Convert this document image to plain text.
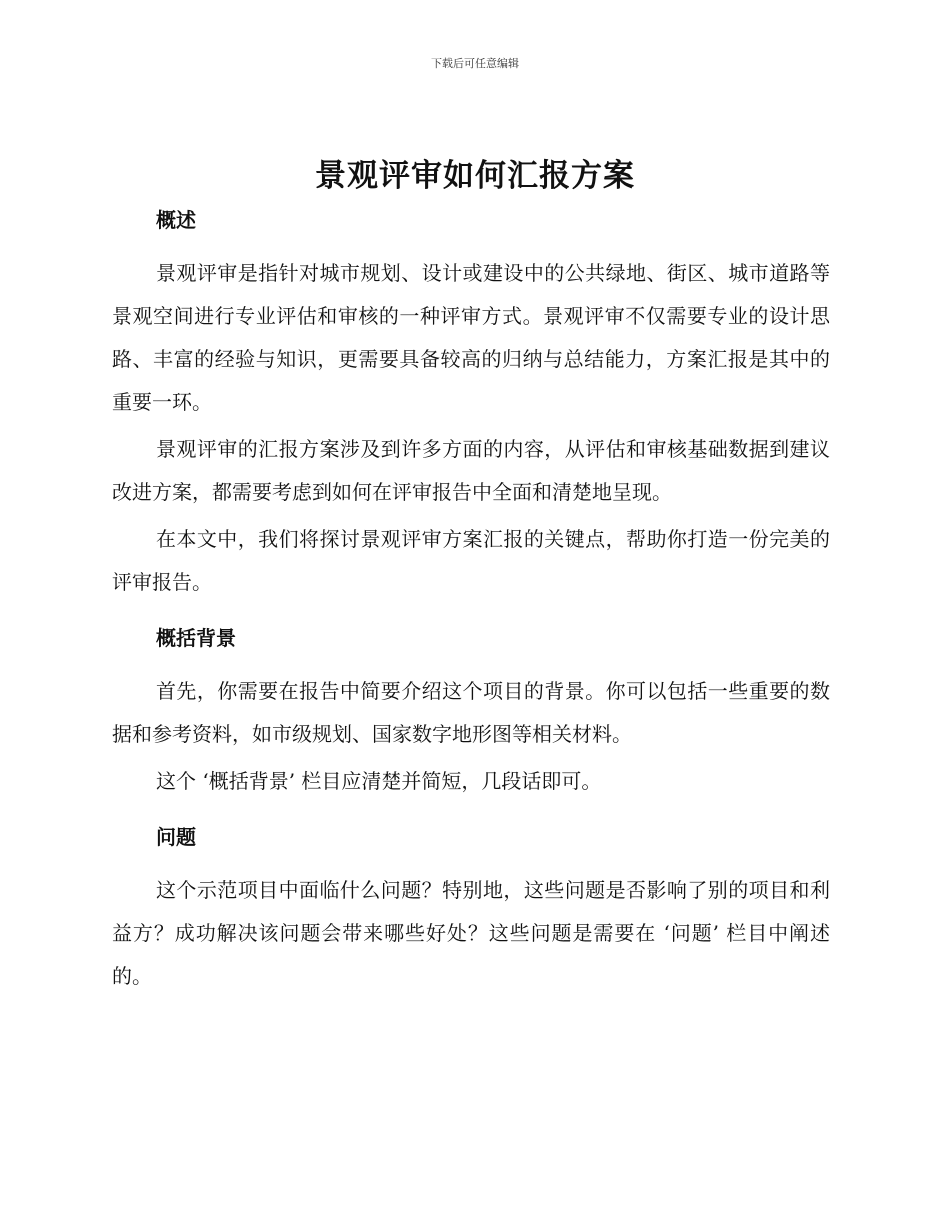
下载后可任意编辑
景观评审如何汇报方案
概述

景观评审是指针对城市规划、设计或建设中的公共绿地、街区、城市道路等景观空间进行专业评估和审核的一种评审方式。景观评审不仅需要专业的设计思路、丰富的经验与知识，更需要具备较高的归纳与总结能力，方案汇报是其中的重要一环。

景观评审的汇报方案涉及到许多方面的内容，从评估和审核基础数据到建议改进方案，都需要考虑到如何在评审报告中全面和清楚地呈现。

在本文中，我们将探讨景观评审方案汇报的关键点，帮助你打造一份完美的评审报告。

概括背景

首先，你需要在报告中简要介绍这个项目的背景。你可以包括一些重要的数据和参考资料，如市级规划、国家数字地形图等相关材料。

这个 ‘概括背景’ 栏目应清楚并简短，几段话即可。

问题

这个示范项目中面临什么问题？特别地，这些问题是否影响了别的项目和利益方？成功解决该问题会带来哪些好处？这些问题是需要在 ‘问题’ 栏目中阐述的。
